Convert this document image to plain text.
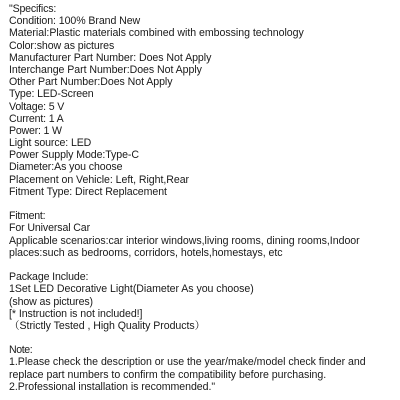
"Specifics:
Condition: 100% Brand New
Material:Plastic materials combined with embossing technology
Color:show as pictures
Manufacturer Part Number: Does Not Apply
Interchange Part Number:Does Not Apply
Other Part Number:Does Not Apply
Type: LED-Screen
Voltage: 5 V
Current: 1 A
Power: 1 W
Light source: LED
Power Supply Mode:Type-C
Diameter:As you choose
Placement on Vehicle: Left, Right,Rear
Fitment Type: Direct Replacement
Fitment:
For Universal Car
Applicable scenarios:car interior windows,living rooms, dining rooms,Indoor
places:such as bedrooms, corridors, hotels,homestays, etc
Package Include:
1Set LED Decorative Light(Diameter As you choose)
(show as pictures)
[* Instruction is not included!]
（Strictly Tested , High Quality Products）
Note:
1.Please check the description or use the year/make/model check finder and
replace part numbers to confirm the compatibility before purchasing.
2.Professional installation is recommended."
